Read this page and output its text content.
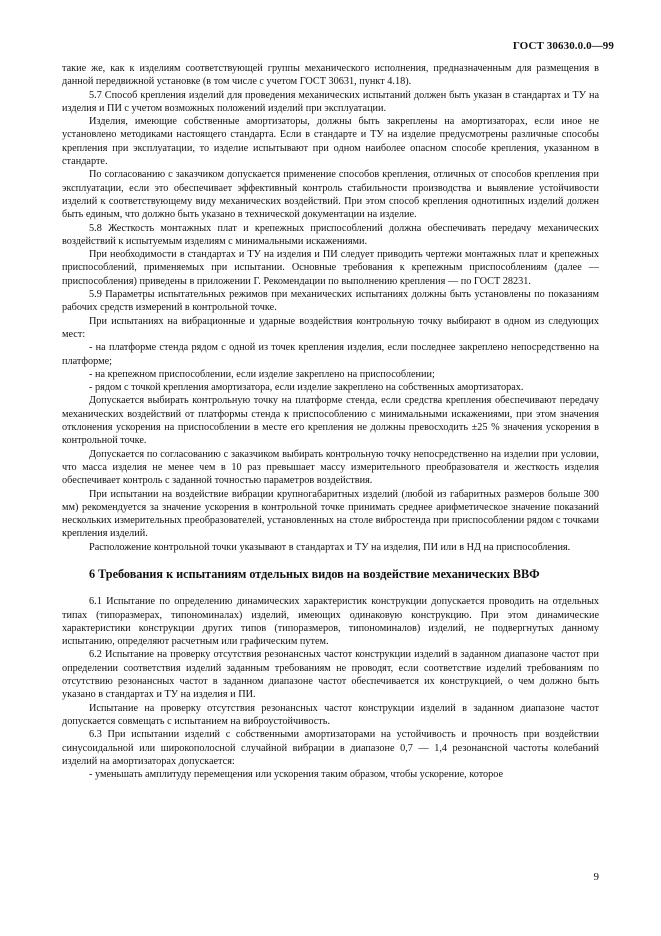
ГОСТ 30630.0.0—99

такие же, как к изделиям соответствующей группы механического исполнения, предназначенным для размещения в данной передвижной установке (в том числе с учетом ГОСТ 30631, пункт 4.18).

5.7 Способ крепления изделий для проведения механических испытаний должен быть указан в стандартах и ТУ на изделия и ПИ с учетом возможных положений изделий при эксплуатации.

Изделия, имеющие собственные амортизаторы, должны быть закреплены на амортизаторах, если иное не установлено методиками настоящего стандарта. Если в стандарте и ТУ на изделие предусмотрены различные способы крепления при эксплуатации, то изделие испытывают при одном наиболее опасном способе крепления, указанном в стандарте.

По согласованию с заказчиком допускается применение способов крепления, отличных от способов крепления при эксплуатации, если это обеспечивает эффективный контроль стабильности производства и выявление устойчивости изделий к соответствующему виду механических воздействий. При этом способ крепления однотипных изделий должен быть единым, что должно быть указано в технической документации на изделие.

5.8 Жесткость монтажных плат и крепежных приспособлений должна обеспечивать передачу механических воздействий к испытуемым изделиям с минимальными искажениями.

При необходимости в стандартах и ТУ на изделия и ПИ следует приводить чертежи монтажных плат и крепежных приспособлений, применяемых при испытании. Основные требования к крепежным приспособлениям (далее — приспособления) приведены в приложении Г. Рекомендации по выполнению крепления — по ГОСТ 28231.

5.9 Параметры испытательных режимов при механических испытаниях должны быть установлены по показаниям рабочих средств измерений в контрольной точке.

При испытаниях на вибрационные и ударные воздействия контрольную точку выбирают в одном из следующих мест:

- на платформе стенда рядом с одной из точек крепления изделия, если последнее закреплено непосредственно на платформе;

- на крепежном приспособлении, если изделие закреплено на приспособлении;

- рядом с точкой крепления амортизатора, если изделие закреплено на собственных амортизаторах.

Допускается выбирать контрольную точку на платформе стенда, если средства крепления обеспечивают передачу механических воздействий от платформы стенда к приспособлению с минимальными искажениями, при этом значения отклонения ускорения на приспособлении в месте его крепления не должны превосходить ±25 % значения ускорения в контрольной точке.

Допускается по согласованию с заказчиком выбирать контрольную точку непосредственно на изделии при условии, что масса изделия не менее чем в 10 раз превышает массу измерительного преобразователя и жесткость изделия обеспечивает контроль с заданной точностью параметров воздействия.

При испытании на воздействие вибрации крупногабаритных изделий (любой из габаритных размеров больше 300 мм) рекомендуется за значение ускорения в контрольной точке принимать среднее арифметическое значение показаний нескольких измерительных преобразователей, установленных на столе вибростенда при приспособлении рядом с точками крепления изделий.

Расположение контрольной точки указывают в стандартах и ТУ на изделия, ПИ или в НД на приспособления.

6 Требования к испытаниям отдельных видов на воздействие механических ВВФ

6.1 Испытание по определению динамических характеристик конструкции допускается проводить на отдельных типах (типоразмерах, типономиналах) изделий, имеющих одинаковую конструкцию. При этом динамические характеристики конструкции других типов (типоразмеров, типономиналов) изделий, не подвергнутых данному испытанию, определяют расчетным или графическим путем.

6.2 Испытание на проверку отсутствия резонансных частот конструкции изделий в заданном диапазоне частот при определении соответствия изделий заданным требованиям не проводят, если соответствие изделий требованиям по отсутствию резонансных частот в заданном диапазоне частот обеспечивается их конструкцией, о чем должно быть указано в стандартах и ТУ на изделия и ПИ.

Испытание на проверку отсутствия резонансных частот конструкции изделий в заданном диапазоне частот допускается совмещать с испытанием на виброустойчивость.

6.3 При испытании изделий с собственными амортизаторами на устойчивость и прочность при воздействии синусоидальной или широкополосной случайной вибрации в диапазоне 0,7 — 1,4 резонансной частоты колебаний изделий на амортизаторах допускается:

- уменьшать амплитуду перемещения или ускорения таким образом, чтобы ускорение, которое

9
